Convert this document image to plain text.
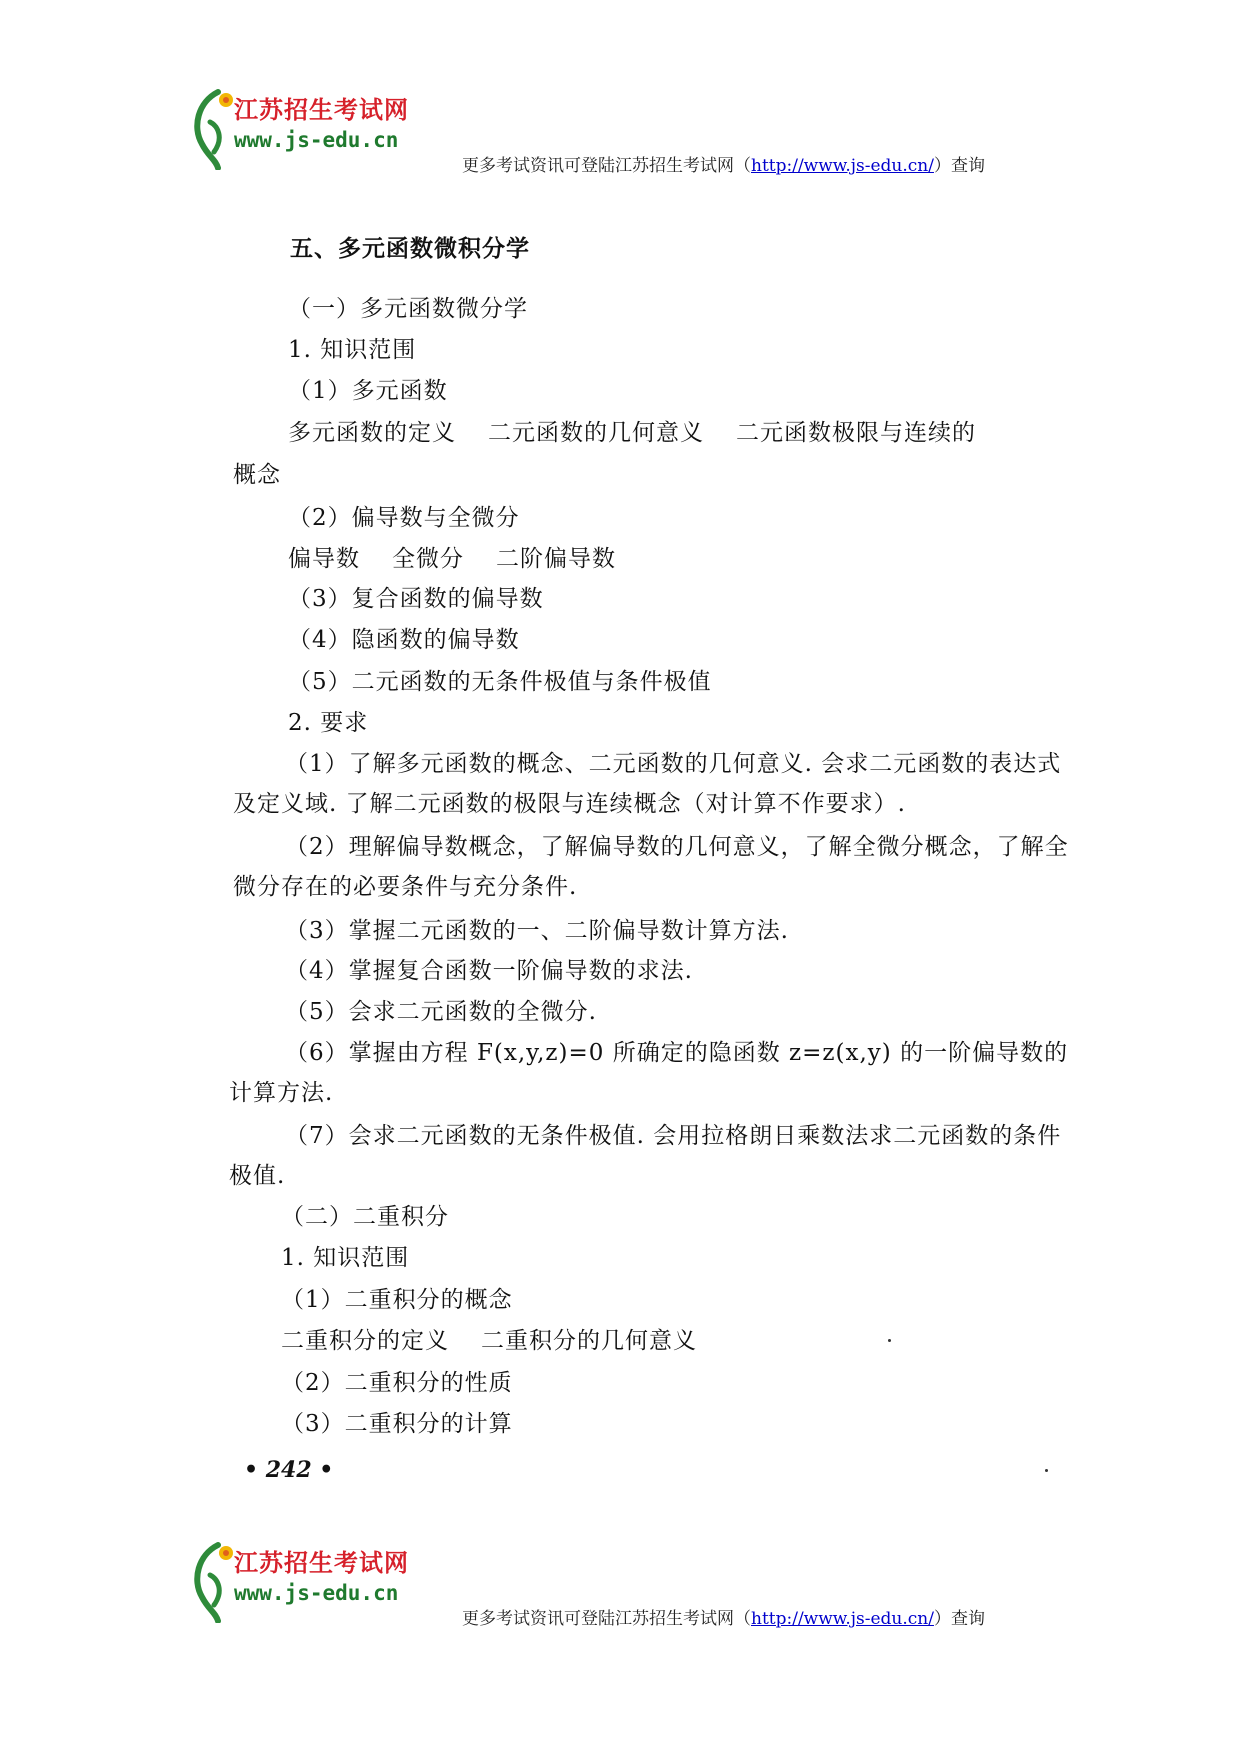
江苏招生考试网
www.js-edu.cn
更多考试资讯可登陆江苏招生考试网（http://www.js-edu.cn/）查询
五、多元函数微积分学
（一）多元函数微分学
1. 知识范围
（1）多元函数
多元函数的定义 二元函数的几何意义 二元函数极限与连续的
概念
（2）偏导数与全微分
偏导数 全微分 二阶偏导数
（3）复合函数的偏导数
（4）隐函数的偏导数
（5）二元函数的无条件极值与条件极值
2. 要求
（1）了解多元函数的概念、二元函数的几何意义. 会求二元函数的表达式及定义域. 了解二元函数的极限与连续概念（对计算不作要求）.
（2）理解偏导数概念，了解偏导数的几何意义，了解全微分概念，了解全微分存在的必要条件与充分条件.
（3）掌握二元函数的一、二阶偏导数计算方法.
（4）掌握复合函数一阶偏导数的求法.
（5）会求二元函数的全微分.
（6）掌握由方程 F(x,y,z)=0 所确定的隐函数 z=z(x,y) 的一阶偏导数的计算方法.
（7）会求二元函数的无条件极值. 会用拉格朗日乘数法求二元函数的条件极值.
（二）二重积分
1. 知识范围
（1）二重积分的概念
二重积分的定义 二重积分的几何意义
（2）二重积分的性质
（3）二重积分的计算
• 242 •
江苏招生考试网
www.js-edu.cn
更多考试资讯可登陆江苏招生考试网（http://www.js-edu.cn/）查询
